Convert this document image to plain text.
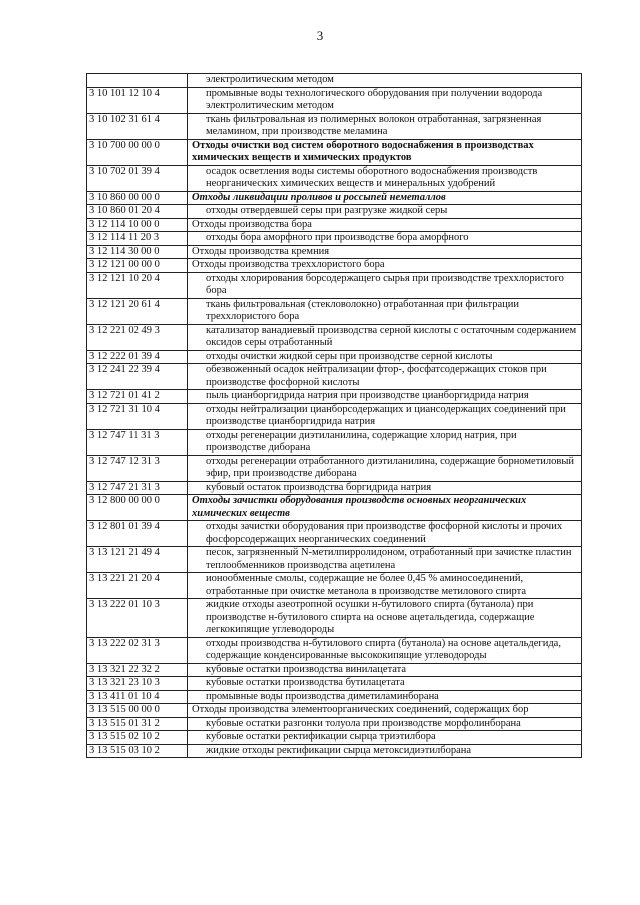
3
	электролитическим методом
3 10 101 12 10 4	промывные воды технологического оборудования при получении водорода электролитическим методом
3 10 102 31 61 4	ткань фильтровальная из полимерных волокон отработанная, загрязненная меламином, при производстве меламина
3 10 700 00 00 0	Отходы очистки вод систем оборотного водоснабжения в производствах химических веществ и химических продуктов
3 10 702 01 39 4	осадок осветления воды системы оборотного водоснабжения производств неорганических химических веществ и минеральных удобрений
3 10 860 00 00 0	Отходы ликвидации проливов и россыпей неметаллов
3 10 860 01 20 4	отходы отвердевшей серы при разгрузке жидкой серы
3 12 114 10 00 0	Отходы производства бора
3 12 114 11 20 3	отходы бора аморфного при производстве бора аморфного
3 12 114 30 00 0	Отходы производства кремния
3 12 121 00 00 0	Отходы производства треххлористого бора
3 12 121 10 20 4	отходы хлорирования борсодержащего сырья при производстве треххлористого бора
3 12 121 20 61 4	ткань фильтровальная (стекловолокно) отработанная при фильтрации треххлористого бора
3 12 221 02 49 3	катализатор ванадиевый производства серной кислоты с остаточным содержанием оксидов серы отработанный
3 12 222 01 39 4	отходы очистки жидкой серы при производстве серной кислоты
3 12 241 22 39 4	обезвоженный осадок нейтрализации фтор-, фосфатсодержащих стоков при производстве фосфорной кислоты
3 12 721 01 41 2	пыль цианборгидрида натрия при производстве цианборгидрида натрия
3 12 721 31 10 4	отходы нейтрализации цианборсодержащих и циансодержащих соединений при производстве цианборгидрида натрия
3 12 747 11 31 3	отходы регенерации диэтиланилина, содержащие хлорид натрия, при производстве диборана
3 12 747 12 31 3	отходы регенерации отработанного диэтиланилина, содержащие борнометиловый эфир, при производстве диборана
3 12 747 21 31 3	кубовый остаток производства боргидрида натрия
3 12 800 00 00 0	Отходы зачистки оборудования производств основных неорганических химических веществ
3 12 801 01 39 4	отходы зачистки оборудования при производстве фосфорной кислоты и прочих фосфорсодержащих неорганических соединений
3 13 121 21 49 4	песок, загрязненный N-метилпирролидоном, отработанный при зачистке пластин теплообменников производства ацетилена
3 13 221 21 20 4	ионообменные смолы, содержащие не более 0,45 % аминосоединений, отработанные при очистке метанола в производстве метилового спирта
3 13 222 01 10 3	жидкие отходы азеотропной осушки н-бутилового спирта (бутанола) при производстве н-бутилового спирта на основе ацетальдегида, содержащие легкокипящие углеводороды
3 13 222 02 31 3	отходы производства н-бутилового спирта (бутанола) на основе ацетальдегида, содержащие конденсированные высококипящие углеводороды
3 13 321 22 32 2	кубовые остатки производства винилацетата
3 13 321 23 10 3	кубовые остатки производства бутилацетата
3 13 411 01 10 4	промывные воды производства диметиламинборана
3 13 515 00 00 0	Отходы производства элементоорганических соединений, содержащих бор
3 13 515 01 31 2	кубовые остатки разгонки толуола при производстве морфолинборана
3 13 515 02 10 2	кубовые остатки ректификации сырца триэтилбора
3 13 515 03 10 2	жидкие отходы ректификации сырца метоксидиэтилборана
